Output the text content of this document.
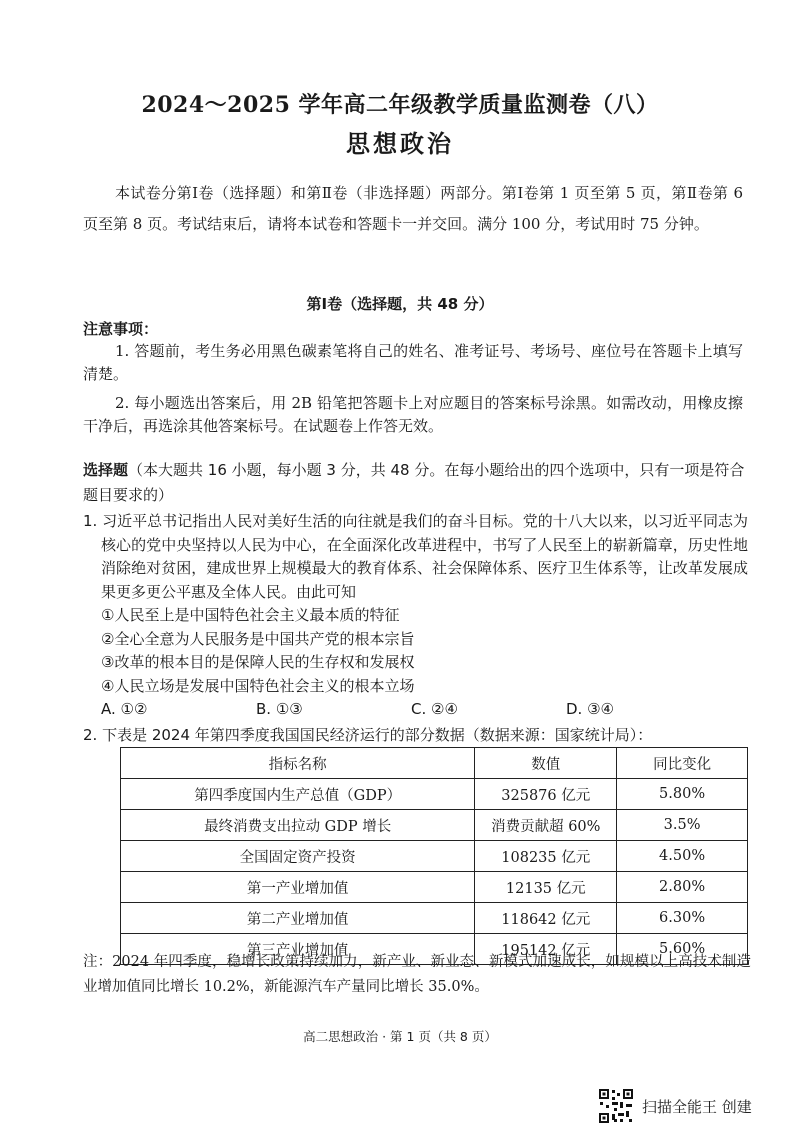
2024～2025 学年高二年级教学质量监测卷（八）
思想政治

本试卷分第Ⅰ卷（选择题）和第Ⅱ卷（非选择题）两部分。第Ⅰ卷第 1 页至第 5 页，第Ⅱ卷第 6 页至第 8 页。考试结束后，请将本试卷和答题卡一并交回。满分 100 分，考试用时 75 分钟。

第Ⅰ卷（选择题，共 48 分）
注意事项：

1. 答题前，考生务必用黑色碳素笔将自己的姓名、准考证号、考场号、座位号在答题卡上填写清楚。

2. 每小题选出答案后，用 2B 铅笔把答题卡上对应题目的答案标号涂黑。如需改动，用橡皮擦干净后，再选涂其他答案标号。在试题卷上作答无效。

选择题（本大题共 16 小题，每小题 3 分，共 48 分。在每小题给出的四个选项中，只有一项是符合题目要求的）
1. 习近平总书记指出人民对美好生活的向往就是我们的奋斗目标。党的十八大以来，以习近平同志为核心的党中央坚持以人民为中心，在全面深化改革进程中，书写了人民至上的崭新篇章，历史性地消除绝对贫困，建成世界上规模最大的教育体系、社会保障体系、医疗卫生体系等，让改革发展成果更多更公平惠及全体人民。由此可知
①人民至上是中国特色社会主义最本质的特征
②全心全意为人民服务是中国共产党的根本宗旨
③改革的根本目的是保障人民的生存权和发展权
④人民立场是发展中国特色社会主义的根本立场
A. ①②	B. ①③	C. ②④	D. ③④
2. 下表是 2024 年第四季度我国国民经济运行的部分数据（数据来源：国家统计局）：
指标名称	数值	同比变化
第四季度国内生产总值（GDP）	325876 亿元	5.80%
最终消费支出拉动 GDP 增长	消费贡献超 60%	3.5%
全国固定资产投资	108235 亿元	4.50%
第一产业增加值	12135 亿元	2.80%
第二产业增加值	118642 亿元	6.30%
第三产业增加值	195142 亿元	5.60%
注：2024 年四季度，稳增长政策持续加力，新产业、新业态、新模式加速成长，如规模以上高技术制造业增加值同比增长 10.2%，新能源汽车产量同比增长 35.0%。
高二思想政治 · 第 1 页（共 8 页）
扫描全能王 创建
